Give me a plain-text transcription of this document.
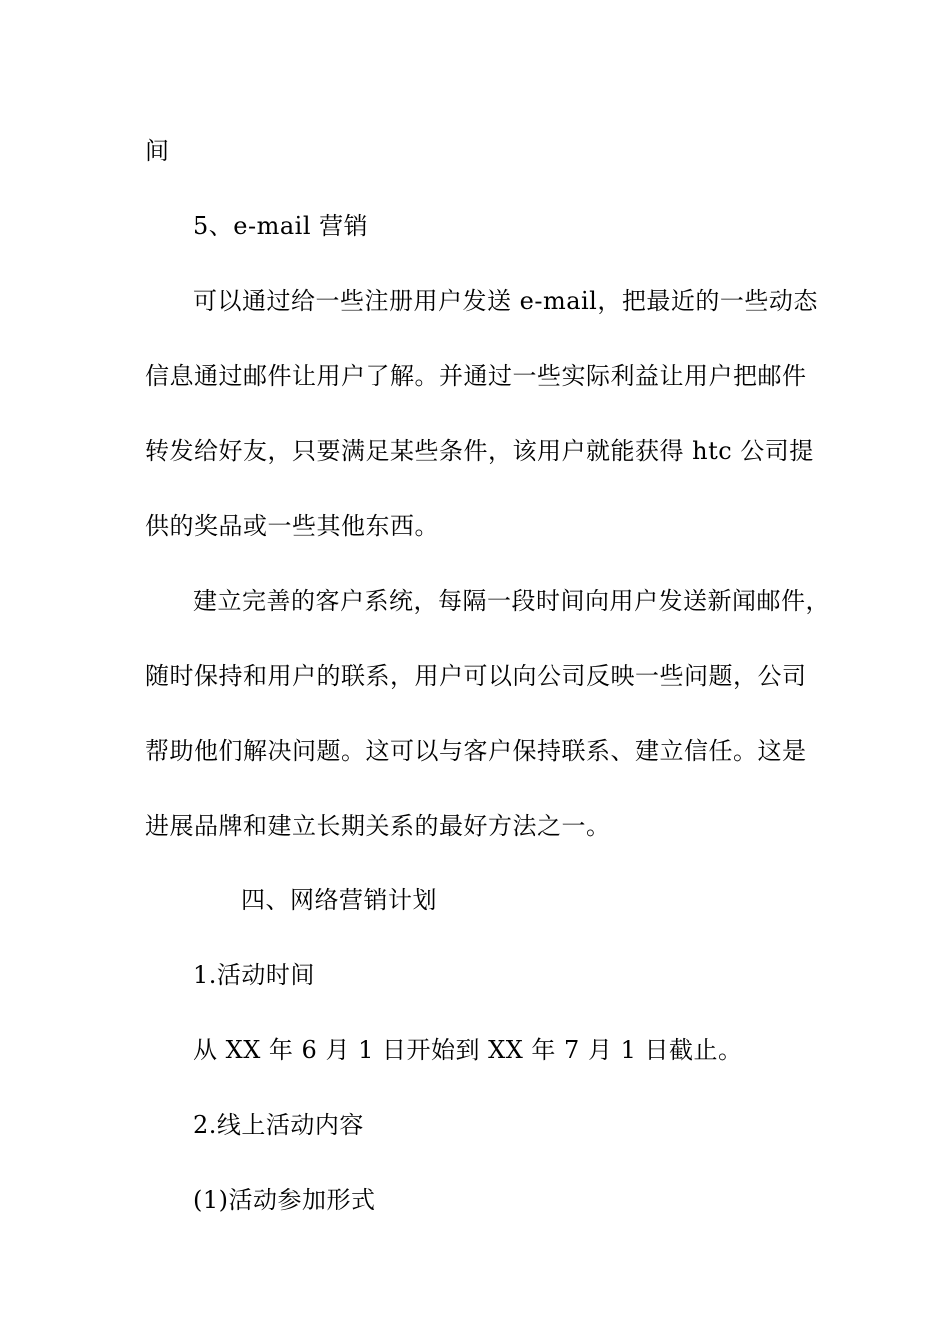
间
5、e-mail 营销
可以通过给一些注册用户发送 e-mail，把最近的一些动态
信息通过邮件让用户了解。并通过一些实际利益让用户把邮件
转发给好友，只要满足某些条件，该用户就能获得 htc 公司提
供的奖品或一些其他东西。
建立完善的客户系统，每隔一段时间向用户发送新闻邮件，
随时保持和用户的联系，用户可以向公司反映一些问题，公司
帮助他们解决问题。这可以与客户保持联系、建立信任。这是
进展品牌和建立长期关系的最好方法之一。
四、网络营销计划
1.活动时间
从 XX 年 6 月 1 日开始到 XX 年 7 月 1 日截止。
2.线上活动内容
(1)活动参加形式
